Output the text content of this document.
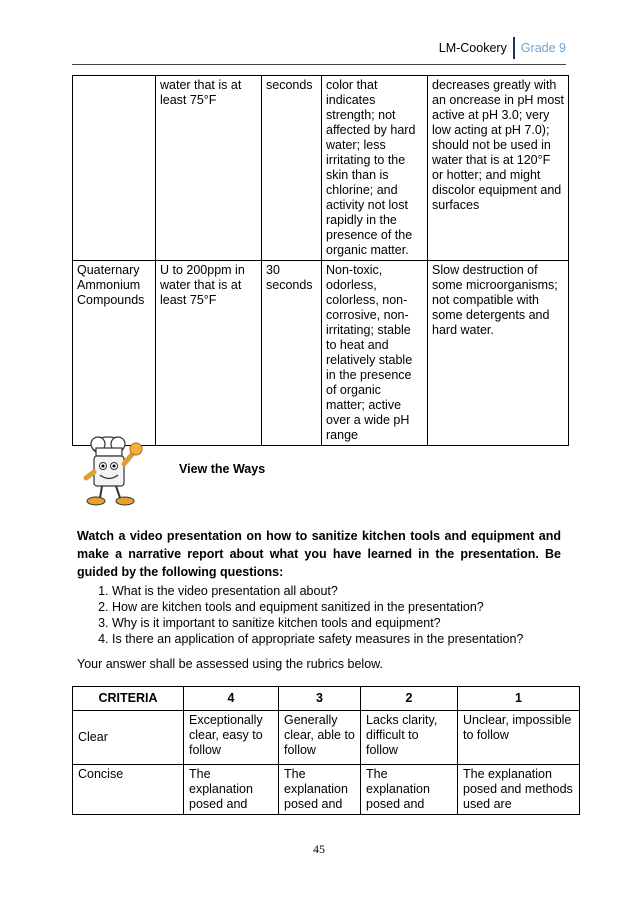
LM-Cookery	Grade 9
	water that is at least 75°F	seconds	color that indicates strength; not affected by hard water; less irritating to the skin than is chlorine; and activity not lost rapidly in the presence of the organic matter.	decreases greatly with an oncrease in pH most active at pH 3.0; very low acting at pH 7.0); should not be used in water that is at 120°F or hotter; and might discolor equipment and surfaces
Quaternary Ammonium Compounds	U to 200ppm in water that is at least 75°F	30 seconds	Non-toxic, odorless, colorless, non-corrosive, non-irritating; stable to heat and relatively stable in the presence of organic matter; active over a wide pH range	Slow destruction of some microorganisms; not compatible with some detergents and hard water.
View the Ways
Watch a video presentation on how to sanitize kitchen tools and equipment and make a narrative report about what you have learned in the presentation. Be guided by the following questions:
1. What is the video presentation all about?
2. How are kitchen tools and equipment sanitized in the presentation?
3. Why is it important to sanitize kitchen tools and equipment?
4. Is there an application of appropriate safety measures in the presentation?
Your answer shall be assessed using the rubrics below.
CRITERIA	4	3	2	1
Clear	Exceptionally clear, easy to follow	Generally clear, able to follow	Lacks clarity, difficult to follow	Unclear, impossible to follow
Concise	The explanation posed and	The explanation posed and	The explanation posed and	The explanation posed and methods used are
45
